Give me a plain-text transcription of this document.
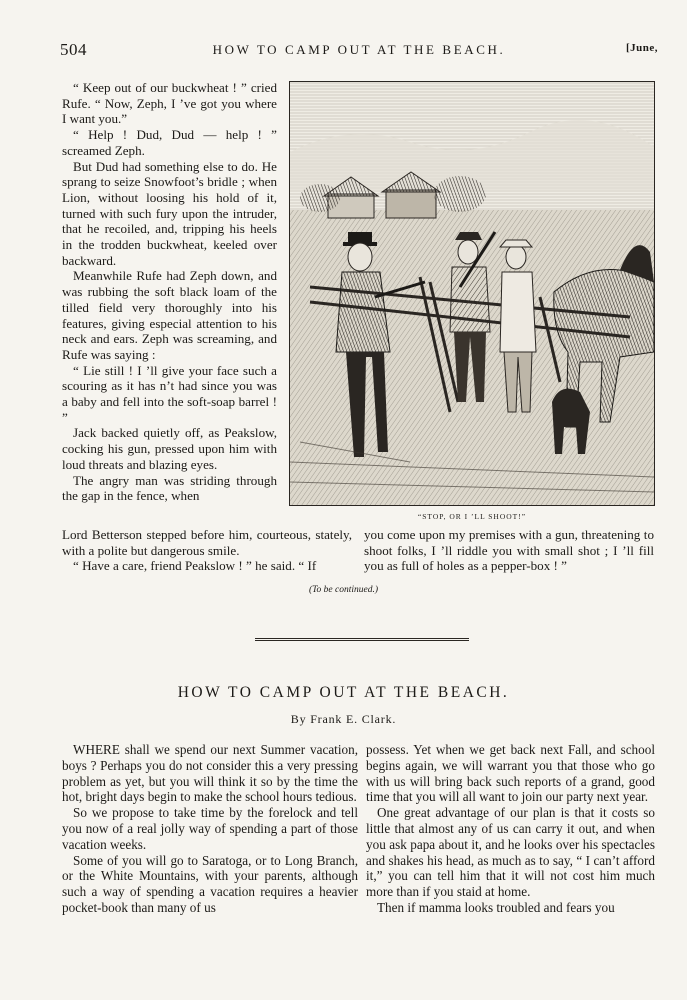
504	HOW TO CAMP OUT AT THE BEACH.	[June,

“ Keep out of our buckwheat ! ” cried Rufe. “ Now, Zeph, I ’ve got you where I want you.”

“ Help ! Dud, Dud — help ! ” screamed Zeph.

But Dud had something else to do. He sprang to seize Snowfoot’s bridle ; when Lion, without loosing his hold of it, turned with such fury upon the intruder, that he recoiled, and, tripping his heels in the trodden buckwheat, keeled over backward.

Meanwhile Rufe had Zeph down, and was rubbing the soft black loam of the tilled field very thoroughly into his features, giving especial attention to his neck and ears. Zeph was screaming, and Rufe was saying :

“ Lie still ! I ’ll give your face such a scouring as it has n’t had since you was a baby and fell into the soft-soap barrel ! ”

Jack backed quietly off, as Peakslow, cocking his gun, pressed upon him with loud threats and blazing eyes.

The angry man was striding through the gap in the fence, when

“STOP, OR I ’LL SHOOT!”

Lord Betterson stepped before him, courteous, stately, with a polite but dangerous smile.

“ Have a care, friend Peakslow ! ” he said. “ If

you come upon my premises with a gun, threatening to shoot folks, I ’ll riddle you with small shot ; I ’ll fill you as full of holes as a pepper-box ! ”

(To be continued.)
HOW TO CAMP OUT AT THE BEACH.
By Frank E. Clark.

WHERE shall we spend our next Summer vacation, boys ? Perhaps you do not consider this a very pressing problem as yet, but you will think it so by the time the hot, bright days begin to make the school hours tedious.

So we propose to take time by the forelock and tell you now of a real jolly way of spending a part of those vacation weeks.

Some of you will go to Saratoga, or to Long Branch, or the White Mountains, with your parents, although such a way of spending a vacation requires a heavier pocket-book than many of us

possess. Yet when we get back next Fall, and school begins again, we will warrant you that those who go with us will bring back such reports of a grand, good time that you will all want to join our party next year.

One great advantage of our plan is that it costs so little that almost any of us can carry it out, and when you ask papa about it, and he looks over his spectacles and shakes his head, as much as to say, “ I can’t afford it,” you can tell him that it will not cost him much more than if you staid at home.

Then if mamma looks troubled and fears you
